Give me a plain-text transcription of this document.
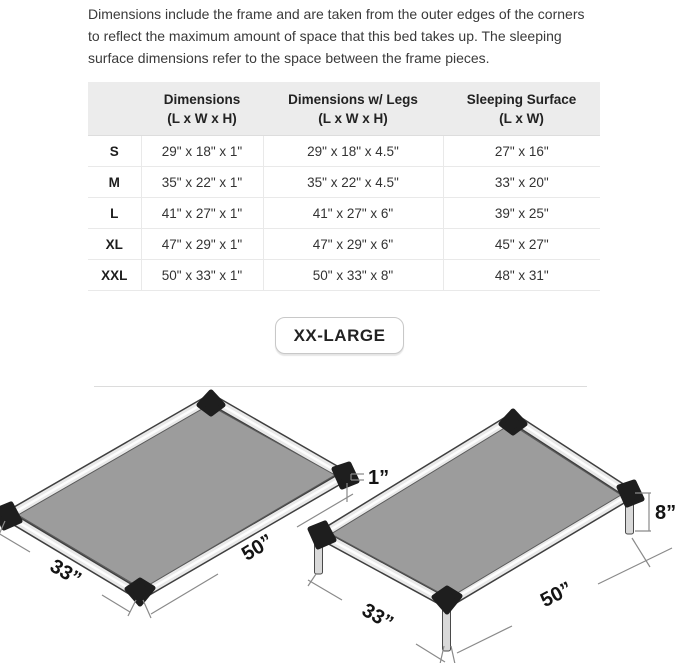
Dimensions include the frame and are taken from the outer edges of the corners to reflect the maximum amount of space that this bed takes up. The sleeping surface dimensions refer to the space between the frame pieces.

Dimensions
(L x W x H)

Dimensions w/ Legs
(L x W x H)

Sleeping Surface
(L x W)

S	29" x 18" x 1"	29" x 18" x 4.5"	27" x 16"
M	35" x 22" x 1"	35" x 22" x 4.5"	33" x 20"
L	41" x 27" x 1"	41" x 27" x 6"	39" x 25"
XL	47" x 29" x 1"	47" x 29" x 6"	45" x 27"
XXL	50" x 33" x 1"	50" x 33" x 8"	48" x 31"
XX-LARGE
1”
50”
33”
8”
50”
33”
